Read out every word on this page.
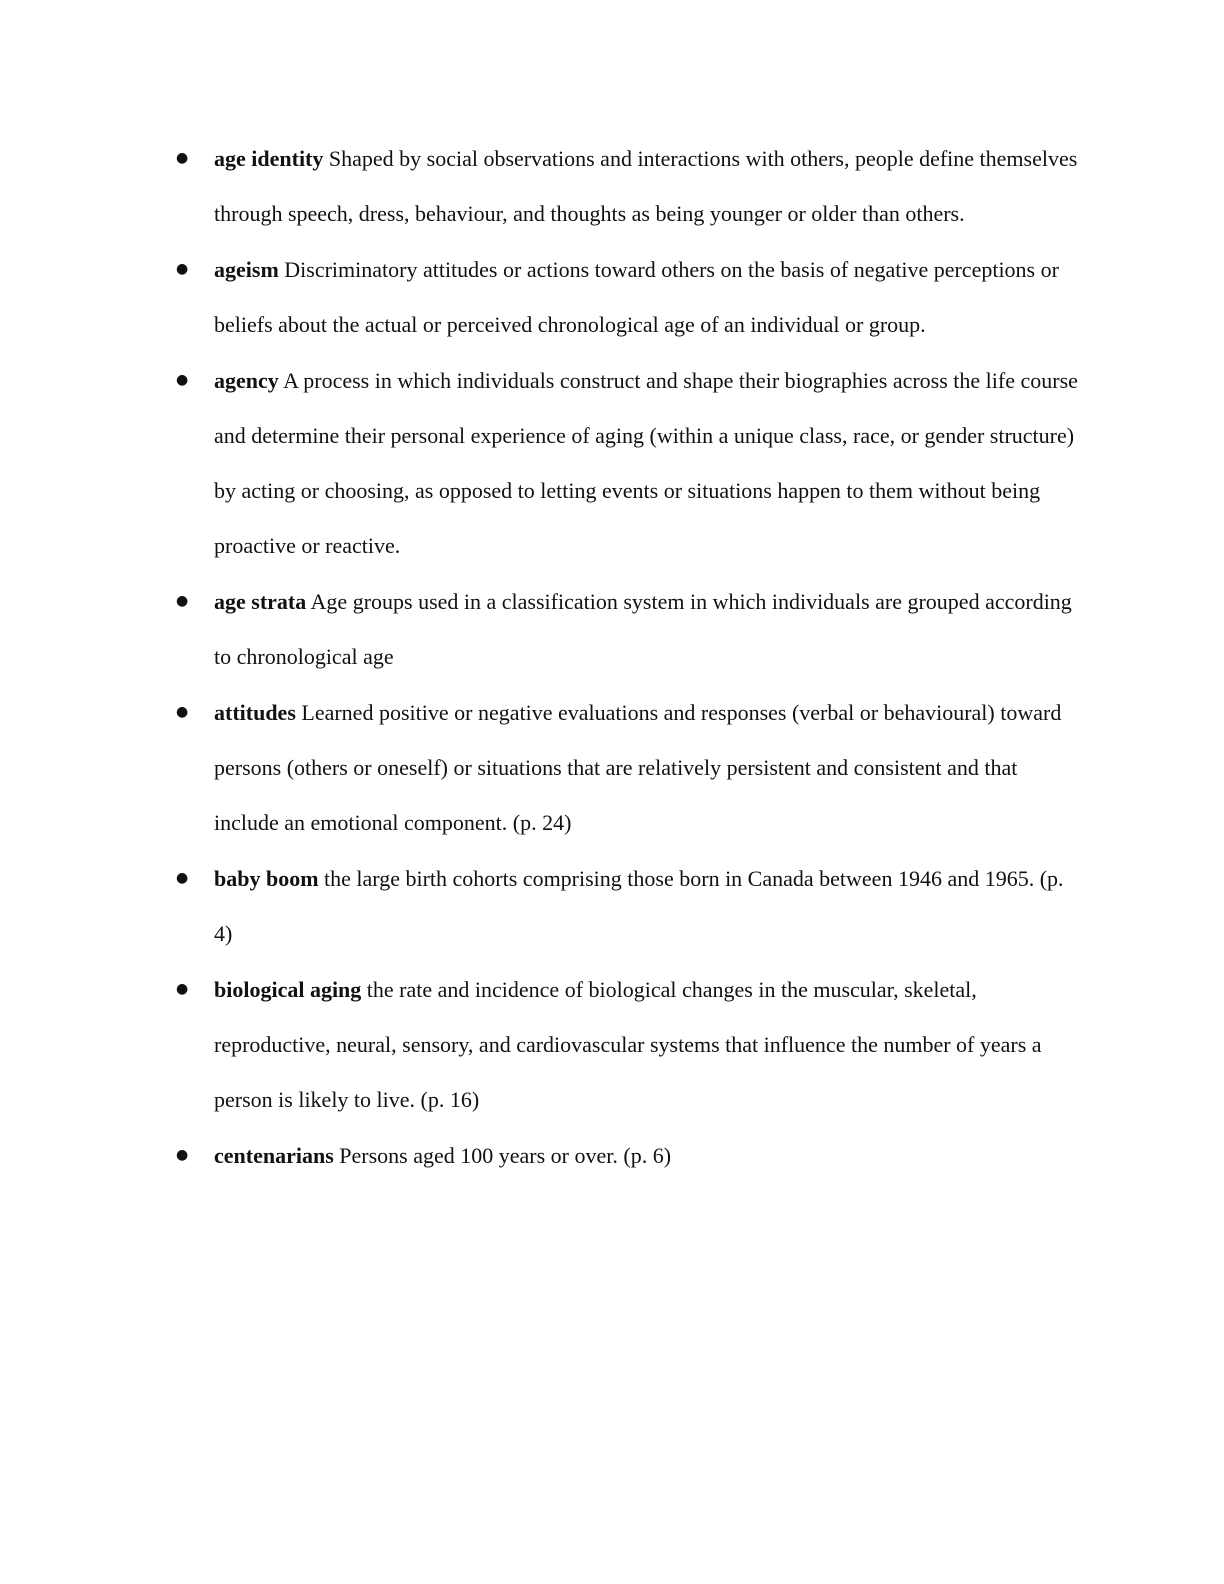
● age identity Shaped by social observations and interactions with others, people define themselves through speech, dress, behaviour, and thoughts as being younger or older than others.
● ageism Discriminatory attitudes or actions toward others on the basis of negative perceptions or beliefs about the actual or perceived chronological age of an individual or group.
● agency A process in which individuals construct and shape their biographies across the life course and determine their personal experience of aging (within a unique class, race, or gender structure) by acting or choosing, as opposed to letting events or situations happen to them without being proactive or reactive.
● age strata Age groups used in a classification system in which individuals are grouped according to chronological age
● attitudes Learned positive or negative evaluations and responses (verbal or behavioural) toward persons (others or oneself) or situations that are relatively persistent and consistent and that include an emotional component. (p. 24)
● baby boom the large birth cohorts comprising those born in Canada between 1946 and 1965. (p. 4)
● biological aging the rate and incidence of biological changes in the muscular, skeletal, reproductive, neural, sensory, and cardiovascular systems that influence the number of years a person is likely to live. (p. 16)
● centenarians Persons aged 100 years or over. (p. 6)
